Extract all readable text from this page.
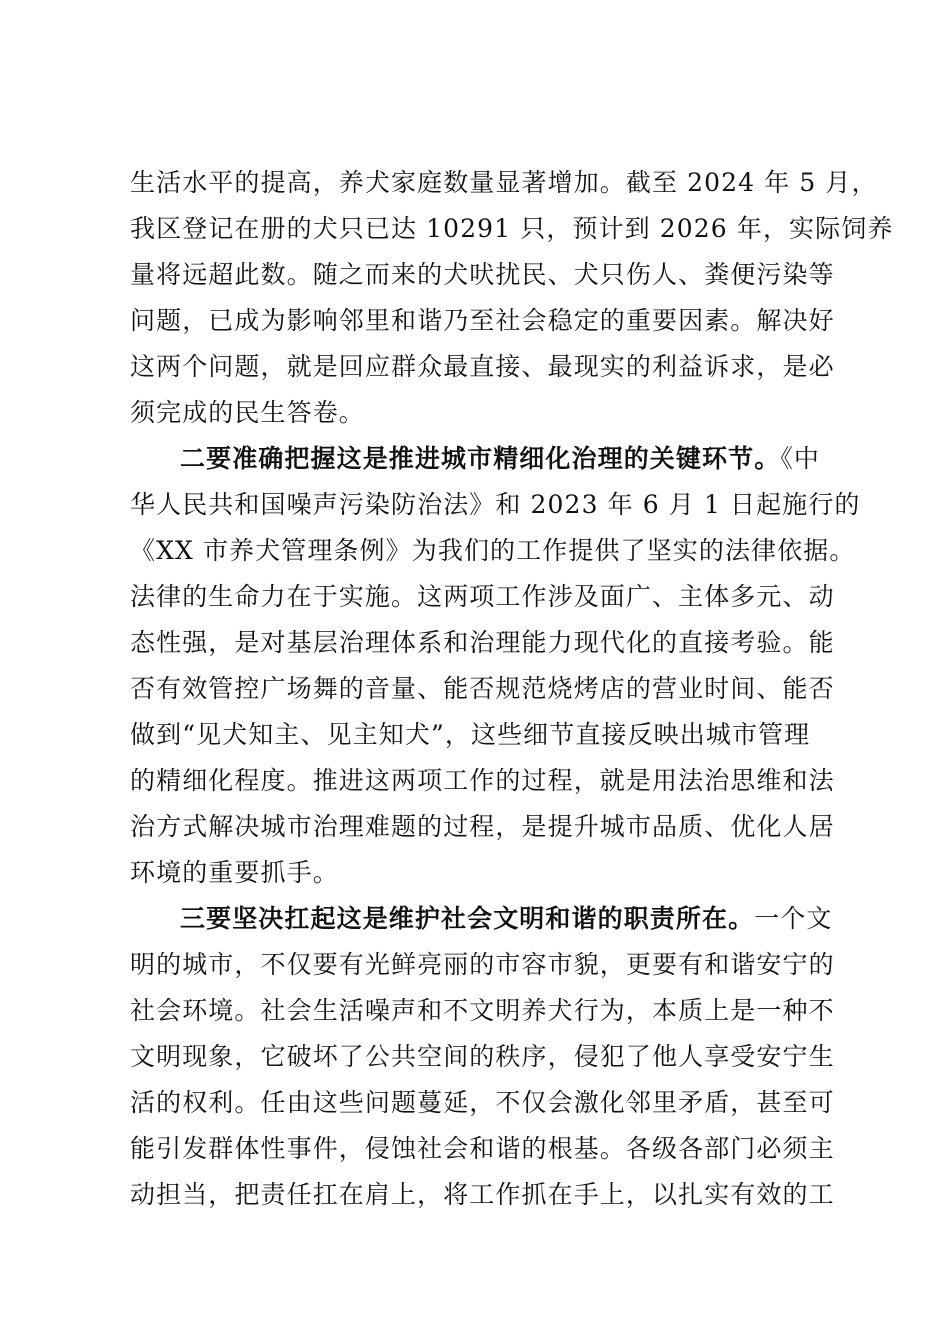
生活水平的提高，养犬家庭数量显著增加。截至 2024 年 5 月，
我区登记在册的犬只已达 10291 只，预计到 2026 年，实际饲养
量将远超此数。随之而来的犬吠扰民、犬只伤人、粪便污染等
问题，已成为影响邻里和谐乃至社会稳定的重要因素。解决好
这两个问题，就是回应群众最直接、最现实的利益诉求，是必
须完成的民生答卷。
二要准确把握这是推进城市精细化治理的关键环节。《中
华人民共和国噪声污染防治法》和 2023 年 6 月 1 日起施行的
《XX 市养犬管理条例》为我们的工作提供了坚实的法律依据。
法律的生命力在于实施。这两项工作涉及面广、主体多元、动
态性强，是对基层治理体系和治理能力现代化的直接考验。能
否有效管控广场舞的音量、能否规范烧烤店的营业时间、能否
做到“见犬知主、见主知犬”，这些细节直接反映出城市管理
的精细化程度。推进这两项工作的过程，就是用法治思维和法
治方式解决城市治理难题的过程，是提升城市品质、优化人居
环境的重要抓手。
三要坚决扛起这是维护社会文明和谐的职责所在。一个文
明的城市，不仅要有光鲜亮丽的市容市貌，更要有和谐安宁的
社会环境。社会生活噪声和不文明养犬行为，本质上是一种不
文明现象，它破坏了公共空间的秩序，侵犯了他人享受安宁生
活的权利。任由这些问题蔓延，不仅会激化邻里矛盾，甚至可
能引发群体性事件，侵蚀社会和谐的根基。各级各部门必须主
动担当，把责任扛在肩上，将工作抓在手上，以扎实有效的工
